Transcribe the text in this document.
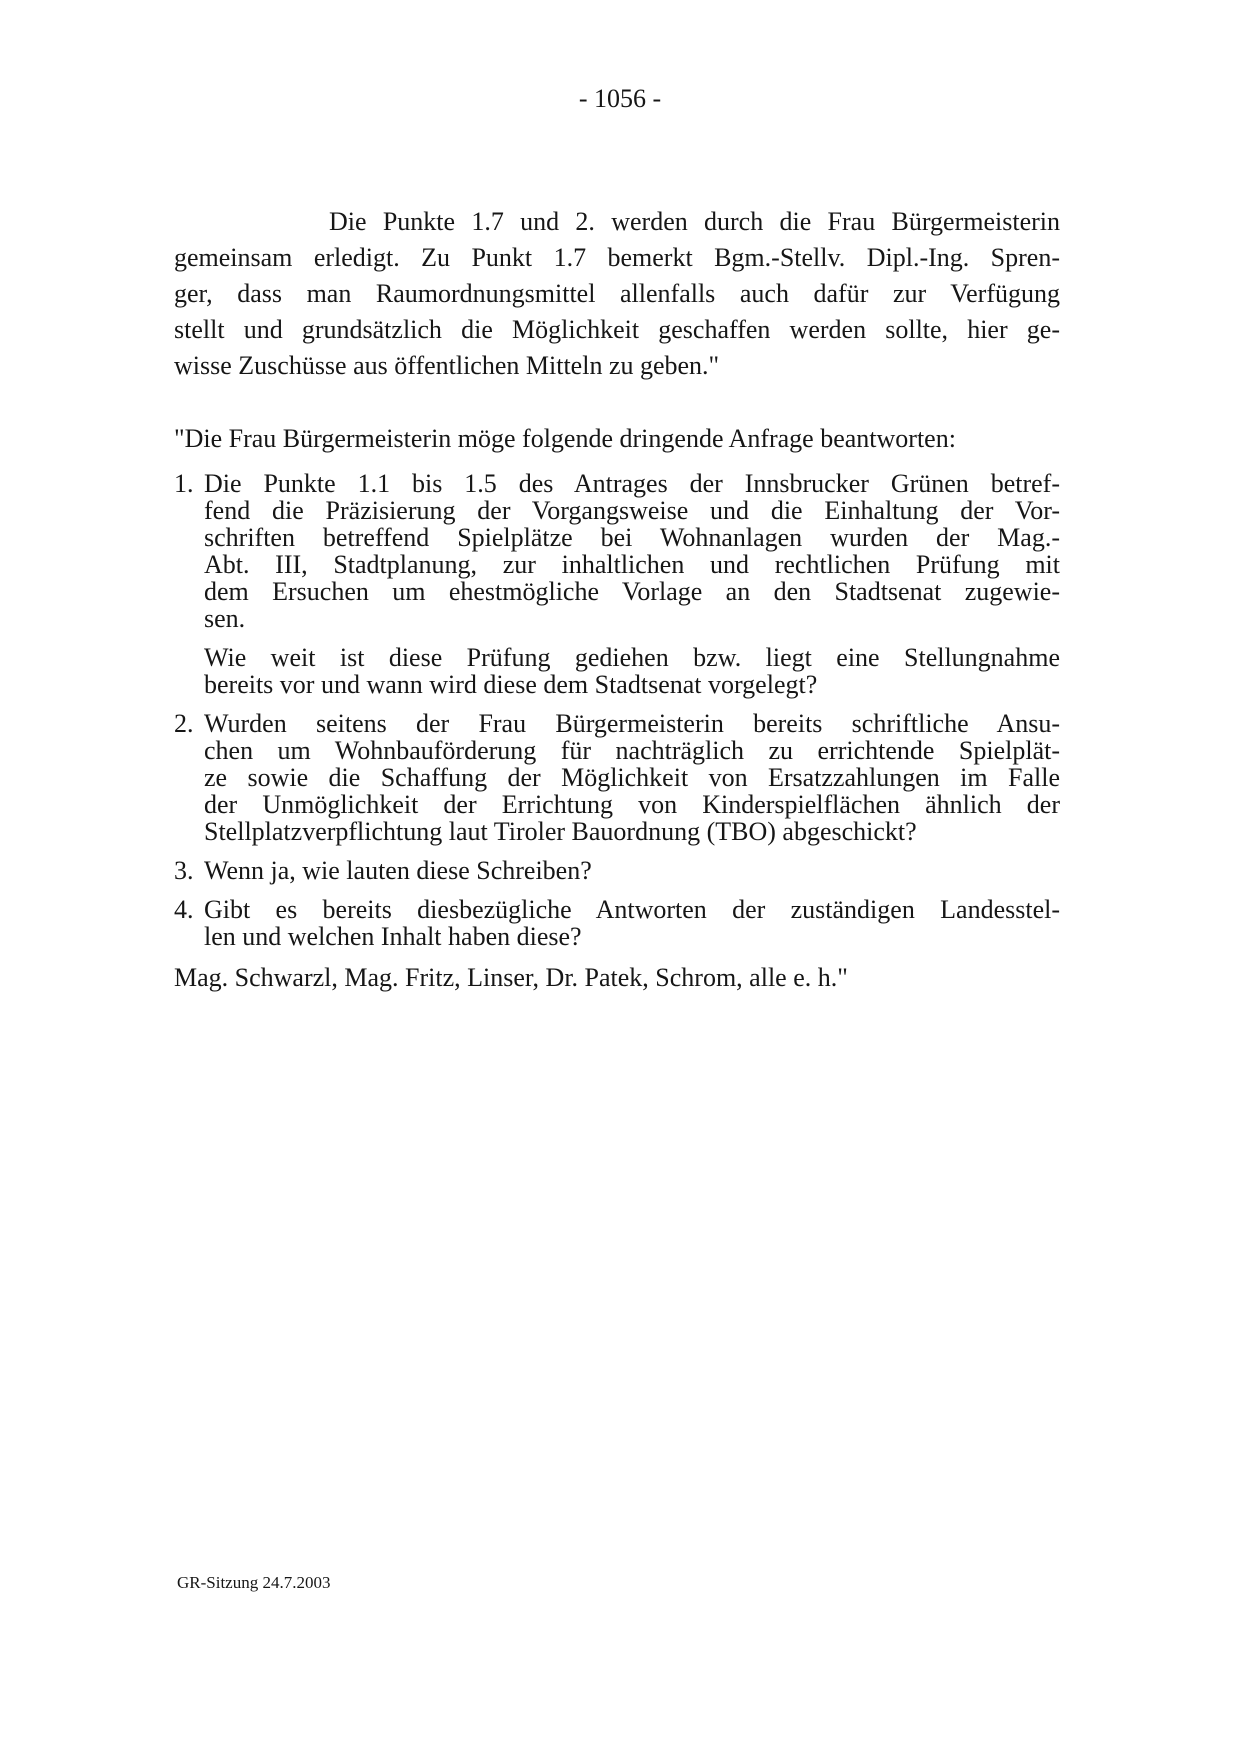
- 1056 -
Die Punkte 1.7 und 2. werden durch die Frau Bürgermeisterin
gemeinsam erledigt. Zu Punkt 1.7 bemerkt Bgm.-Stellv. Dipl.-Ing. Spren-
ger, dass man Raumordnungsmittel allenfalls auch dafür zur Verfügung
stellt und grundsätzlich die Möglichkeit geschaffen werden sollte, hier ge-
wisse Zuschüsse aus öffentlichen Mitteln zu geben."
"Die Frau Bürgermeisterin möge folgende dringende Anfrage beantworten:
1. Die Punkte 1.1 bis 1.5 des Antrages der Innsbrucker Grünen betref-
fend die Präzisierung der Vorgangsweise und die Einhaltung der Vor-
schriften betreffend Spielplätze bei Wohnanlagen wurden der Mag.-
Abt. III, Stadtplanung, zur inhaltlichen und rechtlichen Prüfung mit
dem Ersuchen um ehestmögliche Vorlage an den Stadtsenat zugewie-
sen.
Wie weit ist diese Prüfung gediehen bzw. liegt eine Stellungnahme
bereits vor und wann wird diese dem Stadtsenat vorgelegt?
2. Wurden seitens der Frau Bürgermeisterin bereits schriftliche Ansu-
chen um Wohnbauförderung für nachträglich zu errichtende Spielplät-
ze sowie die Schaffung der Möglichkeit von Ersatzzahlungen im Falle
der Unmöglichkeit der Errichtung von Kinderspielflächen ähnlich der
Stellplatzverpflichtung laut Tiroler Bauordnung (TBO) abgeschickt?
3. Wenn ja, wie lauten diese Schreiben?
4. Gibt es bereits diesbezügliche Antworten der zuständigen Landesstel-
len und welchen Inhalt haben diese?
Mag. Schwarzl, Mag. Fritz, Linser, Dr. Patek, Schrom, alle e. h."
GR-Sitzung 24.7.2003
